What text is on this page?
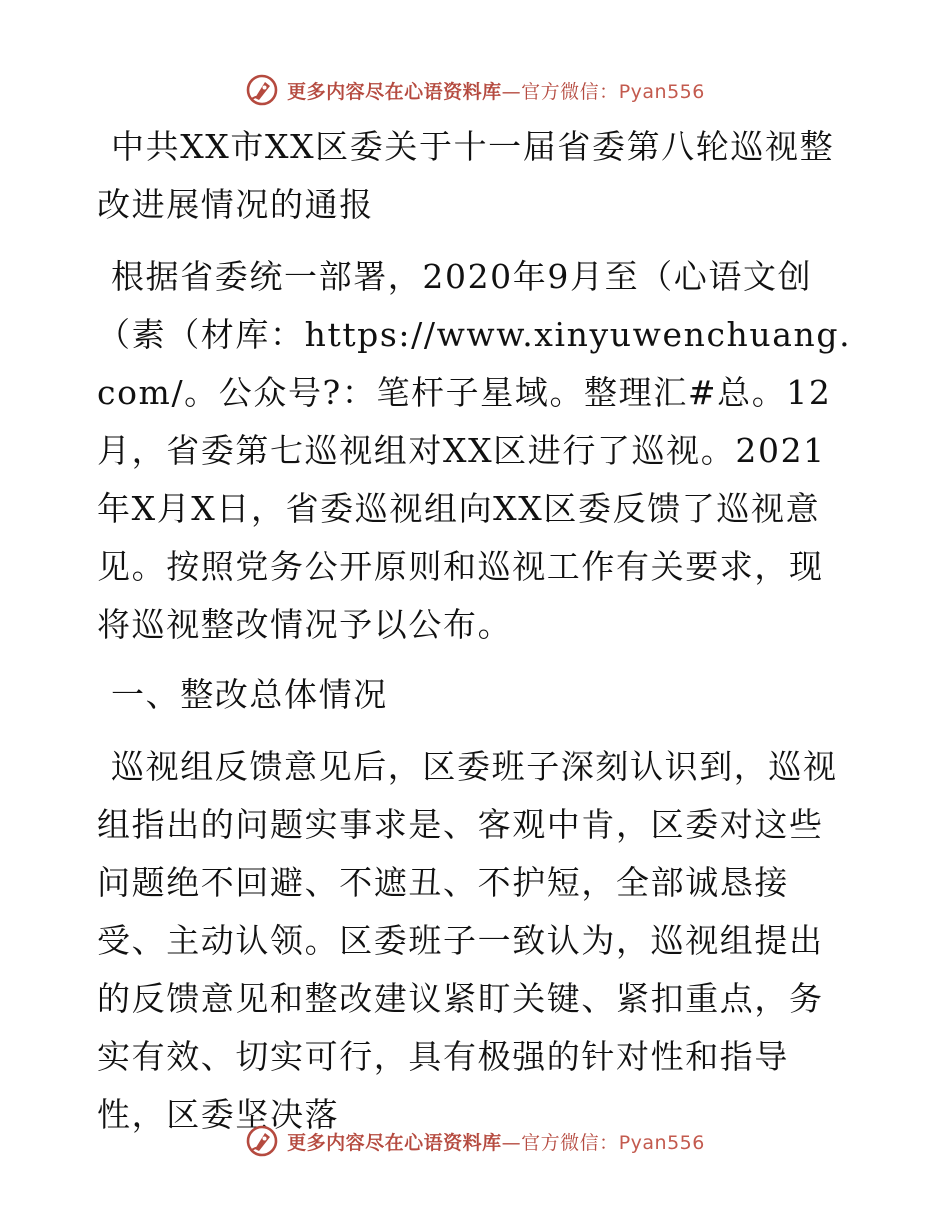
更多内容尽在心语资料库—官方微信：Pyan556

中共XX市XX区委关于十一届省委第八轮巡视整改进展情况的通报

根据省委统一部署，2020年9月至（心语文创（素（材库：https://www.xinyuwenchuang.com/。公众号?：笔杆子星域。整理汇#总。12月，省委第七巡视组对XX区进行了巡视。2021年X月X日，省委巡视组向XX区委反馈了巡视意见。按照党务公开原则和巡视工作有关要求，现将巡视整改情况予以公布。

一、整改总体情况

巡视组反馈意见后，区委班子深刻认识到，巡视组指出的问题实事求是、客观中肯，区委对这些问题绝不回避、不遮丑、不护短，全部诚恳接受、主动认领。区委班子一致认为，巡视组提出的反馈意见和整改建议紧盯关键、紧扣重点，务实有效、切实可行，具有极强的针对性和指导性，区委坚决落

更多内容尽在心语资料库—官方微信：Pyan556
